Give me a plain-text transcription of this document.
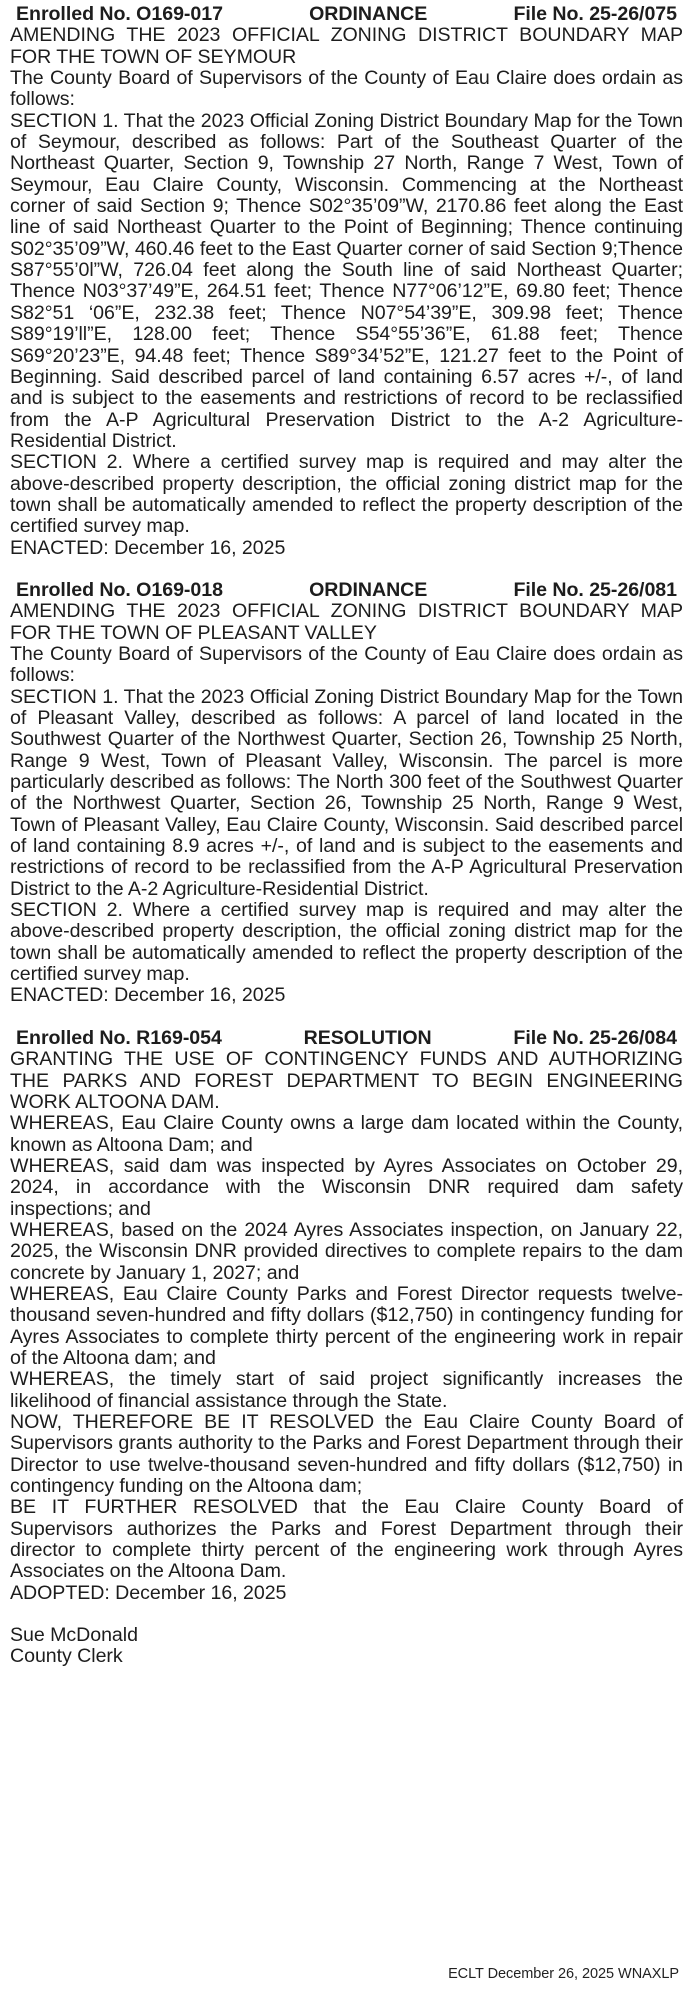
Enrolled No. O169-017	ORDINANCE	File No. 25-26/075

AMENDING THE 2023 OFFICIAL ZONING DISTRICT BOUNDARY MAP FOR THE TOWN OF SEYMOUR

The County Board of Supervisors of the County of Eau Claire does ordain as follows:

SECTION 1. That the 2023 Official Zoning District Boundary Map for the Town of Seymour, described as follows: Part of the Southeast Quarter of the Northeast Quarter, Section 9, Township 27 North, Range 7 West, Town of Seymour, Eau Claire County, Wisconsin. Commencing at the Northeast corner of said Section 9; Thence S02°35’09”W, 2170.86 feet along the East line of said Northeast Quarter to the Point of Beginning; Thence continuing S02°35’09”W, 460.46 feet to the East Quarter corner of said Section 9;Thence S87°55’0l”W, 726.04 feet along the South line of said Northeast Quarter; Thence N03°37’49”E, 264.51 feet; Thence N77°06’12”E, 69.80 feet; Thence S82°51 ‘06”E, 232.38 feet; Thence N07°54’39”E, 309.98 feet; Thence S89°19’ll”E, 128.00 feet; Thence S54°55’36”E, 61.88 feet; Thence S69°20’23”E, 94.48 feet; Thence S89°34’52”E, 121.27 feet to the Point of Beginning. Said described parcel of land containing 6.57 acres +/-, of land and is subject to the easements and restrictions of record to be reclassified from the A-P Agricultural Preservation District to the A-2 Agriculture-Residential District.

SECTION 2. Where a certified survey map is required and may alter the above-described property description, the official zoning district map for the town shall be automatically amended to reflect the property description of the certified survey map.

ENACTED: December 16, 2025

Enrolled No. O169-018	ORDINANCE	File No. 25-26/081

AMENDING THE 2023 OFFICIAL ZONING DISTRICT BOUNDARY MAP FOR THE TOWN OF PLEASANT VALLEY

The County Board of Supervisors of the County of Eau Claire does ordain as follows:

SECTION 1. That the 2023 Official Zoning District Boundary Map for the Town of Pleasant Valley, described as follows: A parcel of land located in the Southwest Quarter of the Northwest Quarter, Section 26, Township 25 North, Range 9 West, Town of Pleasant Valley, Wisconsin. The parcel is more particularly described as follows: The North 300 feet of the Southwest Quarter of the Northwest Quarter, Section 26, Township 25 North, Range 9 West, Town of Pleasant Valley, Eau Claire County, Wisconsin. Said described parcel of land containing 8.9 acres +/-, of land and is subject to the easements and restrictions of record to be reclassified from the A-P Agricultural Preservation District to the A-2 Agriculture-Residential District.

SECTION 2. Where a certified survey map is required and may alter the above-described property description, the official zoning district map for the town shall be automatically amended to reflect the property description of the certified survey map.

ENACTED: December 16, 2025

Enrolled No. R169-054	RESOLUTION	File No. 25-26/084

GRANTING THE USE OF CONTINGENCY FUNDS AND AUTHORIZING THE PARKS AND FOREST DEPARTMENT TO BEGIN ENGINEERING WORK ALTOONA DAM.

WHEREAS, Eau Claire County owns a large dam located within the County, known as Altoona Dam; and

WHEREAS, said dam was inspected by Ayres Associates on October 29, 2024, in accordance with the Wisconsin DNR required dam safety inspections; and

WHEREAS, based on the 2024 Ayres Associates inspection, on January 22, 2025, the Wisconsin DNR provided directives to complete repairs to the dam concrete by January 1, 2027; and

WHEREAS, Eau Claire County Parks and Forest Director requests twelve-thousand seven-hundred and fifty dollars ($12,750) in contingency funding for Ayres Associates to complete thirty percent of the engineering work in repair of the Altoona dam; and

WHEREAS, the timely start of said project significantly increases the likelihood of financial assistance through the State.

NOW, THEREFORE BE IT RESOLVED the Eau Claire County Board of Supervisors grants authority to the Parks and Forest Department through their Director to use twelve-thousand seven-hundred and fifty dollars ($12,750) in contingency funding on the Altoona dam;

BE IT FURTHER RESOLVED that the Eau Claire County Board of Supervisors authorizes the Parks and Forest Department through their director to complete thirty percent of the engineering work through Ayres Associates on the Altoona Dam.

ADOPTED: December 16, 2025

Sue McDonald
County Clerk
ECLT December 26, 2025 WNAXLP
